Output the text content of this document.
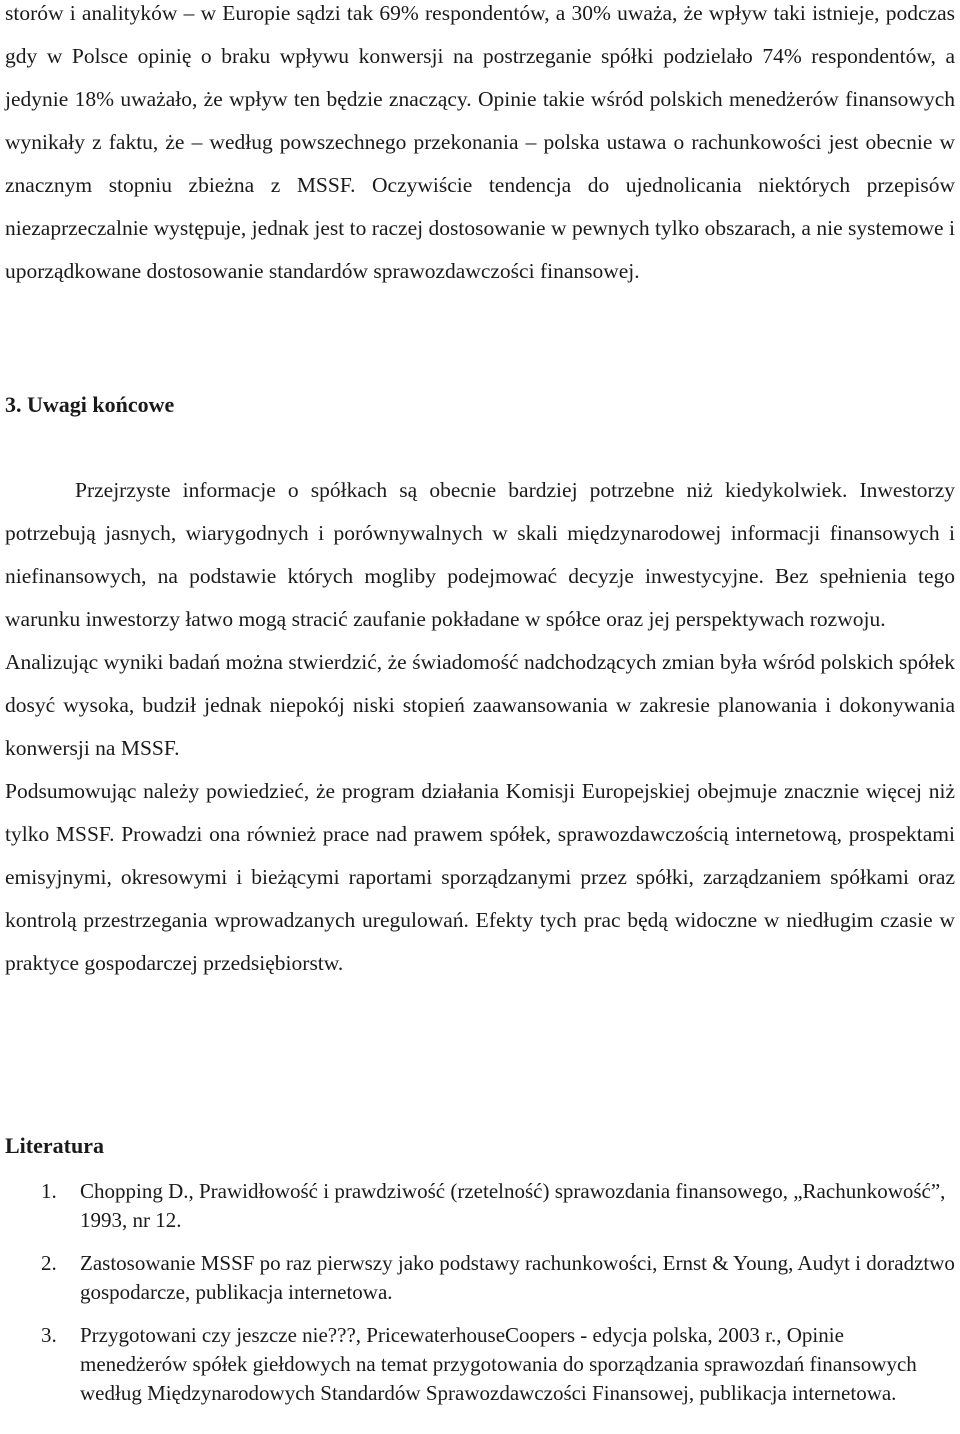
storów i analityków – w Europie sądzi tak 69% respondentów, a 30% uważa, że wpływ taki istnieje, podczas gdy w Polsce opinię o braku wpływu konwersji na postrzeganie spółki podzielało 74% respondentów, a jedynie 18% uważało, że wpływ ten będzie znaczący. Opinie takie wśród polskich menedżerów finansowych wynikały z faktu, że – według powszechnego przekonania – polska ustawa o rachunkowości jest obecnie w znacznym stopniu zbieżna z MSSF. Oczywiście tendencja do ujednolicania niektórych przepisów niezaprzeczalnie występuje, jednak jest to raczej dostosowanie w pewnych tylko obszarach, a nie systemowe i uporządkowane dostosowanie standardów sprawozdawczości finansowej.

3. Uwagi końcowe

Przejrzyste informacje o spółkach są obecnie bardziej potrzebne niż kiedykolwiek. Inwestorzy potrzebują jasnych, wiarygodnych i porównywalnych w skali międzynarodowej informacji finansowych i niefinansowych, na podstawie których mogliby podejmować decyzje inwestycyjne. Bez spełnienia tego warunku inwestorzy łatwo mogą stracić zaufanie pokładane w spółce oraz jej perspektywach rozwoju.

Analizując wyniki badań można stwierdzić, że świadomość nadchodzących zmian była wśród polskich spółek dosyć wysoka, budził jednak niepokój niski stopień zaawansowania w zakresie planowania i dokonywania konwersji na MSSF.

Podsumowując należy powiedzieć, że program działania Komisji Europejskiej obejmuje znacznie więcej niż tylko MSSF. Prowadzi ona również prace nad prawem spółek, sprawozdawczością internetową, prospektami emisyjnymi, okresowymi i bieżącymi raportami sporządzanymi przez spółki, zarządzaniem spółkami oraz kontrolą przestrzegania wprowadzanych uregulowań. Efekty tych prac będą widoczne w niedługim czasie w praktyce gospodarczej przedsiębiorstw.

Literatura
1. Chopping D., Prawidłowość i prawdziwość (rzetelność) sprawozdania finansowego, „Rachunkowość”, 1993, nr 12.
2. Zastosowanie MSSF po raz pierwszy jako podstawy rachunkowości, Ernst & Young, Audyt i doradztwo gospodarcze, publikacja internetowa.
3. Przygotowani czy jeszcze nie???, PricewaterhouseCoopers - edycja polska, 2003 r., Opinie menedżerów spółek giełdowych na temat przygotowania do sporządzania sprawozdań finansowych według Międzynarodowych Standardów Sprawozdawczości Finansowej, publikacja internetowa.
